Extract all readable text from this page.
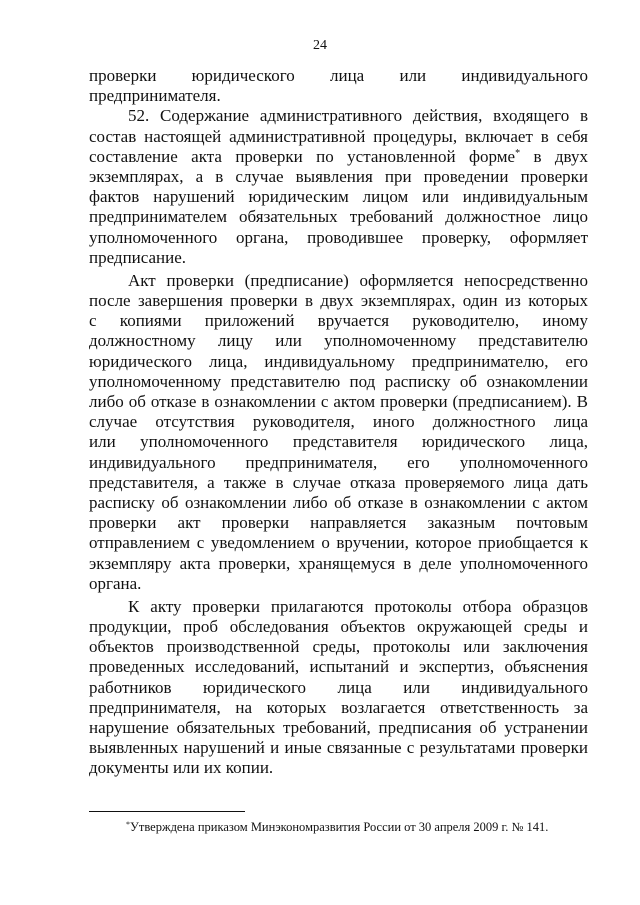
24
проверки юридического лица или индивидуального
предпринимателя.
52. Содержание административного действия, входящего в
состав настоящей административной процедуры, включает в себя
составление акта проверки по установленной форме* в двух
экземплярах, а в случае выявления при проведении проверки
фактов нарушений юридическим лицом или индивидуальным
предпринимателем обязательных требований должностное лицо
уполномоченного органа, проводившее проверку, оформляет
предписание.
Акт проверки (предписание) оформляется непосредственно
после завершения проверки в двух экземплярах, один из которых
с копиями приложений вручается руководителю, иному
должностному лицу или уполномоченному представителю
юридического лица, индивидуальному предпринимателю, его
уполномоченному представителю под расписку об ознакомлении
либо об отказе в ознакомлении с актом проверки (предписанием). В
случае отсутствия руководителя, иного должностного лица
или уполномоченного представителя юридического лица,
индивидуального предпринимателя, его уполномоченного
представителя, а также в случае отказа проверяемого лица дать
расписку об ознакомлении либо об отказе в ознакомлении с актом
проверки акт проверки направляется заказным почтовым
отправлением с уведомлением о вручении, которое приобщается к
экземпляру акта проверки, хранящемуся в деле уполномоченного
органа.
К акту проверки прилагаются протоколы отбора образцов
продукции, проб обследования объектов окружающей среды и
объектов производственной среды, протоколы или заключения
проведенных исследований, испытаний и экспертиз, объяснения
работников юридического лица или индивидуального
предпринимателя, на которых возлагается ответственность за
нарушение обязательных требований, предписания об устранении
выявленных нарушений и иные связанные с результатами проверки
документы или их копии.
*Утверждена приказом Минэкономразвития России от 30 апреля 2009 г. № 141.
